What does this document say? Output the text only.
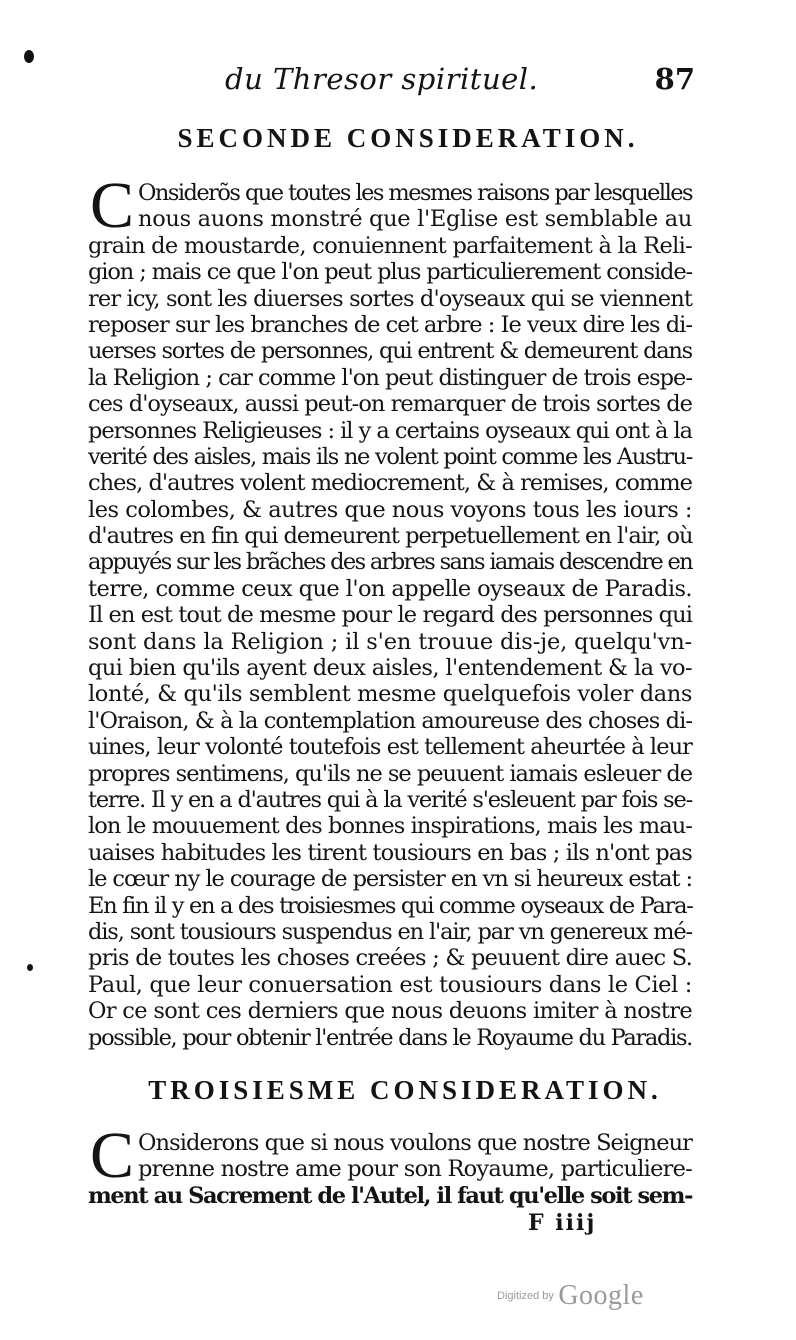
du Thresor spirituel.	87
SECONDE CONSIDERATION.
C Onsiderõs que toutes les mesmes raisons par lesquelles
nous auons monstré que l'Eglise est semblable au
grain de moustarde, conuiennent parfaitement à la Reli-
gion ; mais ce que l'on peut plus particulierement conside-
rer icy, sont les diuerses sortes d'oyseaux qui se viennent
reposer sur les branches de cet arbre : Ie veux dire les di-
uerses sortes de personnes, qui entrent & demeurent dans
la Religion ; car comme l'on peut distinguer de trois espe-
ces d'oyseaux, aussi peut-on remarquer de trois sortes de
personnes Religieuses : il y a certains oyseaux qui ont à la
verité des aisles, mais ils ne volent point comme les Austru-
ches, d'autres volent mediocrement, & à remises, comme
les colombes, & autres que nous voyons tous les iours :
d'autres en fin qui demeurent perpetuellement en l'air, où
appuyés sur les brãches des arbres sans iamais descendre en
terre, comme ceux que l'on appelle oyseaux de Paradis.
Il en est tout de mesme pour le regard des personnes qui
sont dans la Religion ; il s'en trouue dis-je, quelqu'vn-
qui bien qu'ils ayent deux aisles, l'entendement & la vo-
lonté, & qu'ils semblent mesme quelquefois voler dans
l'Oraison, & à la contemplation amoureuse des choses di-
uines, leur volonté toutefois est tellement aheurtée à leur
propres sentimens, qu'ils ne se peuuent iamais esleuer de
terre. Il y en a d'autres qui à la verité s'esleuent par fois se-
lon le mouuement des bonnes inspirations, mais les mau-
uaises habitudes les tirent tousiours en bas ; ils n'ont pas
le cœur ny le courage de persister en vn si heureux estat :
En fin il y en a des troisiesmes qui comme oyseaux de Para-
dis, sont tousiours suspendus en l'air, par vn genereux mé-
pris de toutes les choses creées ; & peuuent dire auec S.
Paul, que leur conuersation est tousiours dans le Ciel :
Or ce sont ces derniers que nous deuons imiter à nostre
possible, pour obtenir l'entrée dans le Royaume du Paradis.
TROISIESME CONSIDERATION.
C Onsiderons que si nous voulons que nostre Seigneur
prenne nostre ame pour son Royaume, particuliere-
ment au Sacrement de l'Autel, il faut qu'elle soit sem-
F iiij
Digitized by Google
